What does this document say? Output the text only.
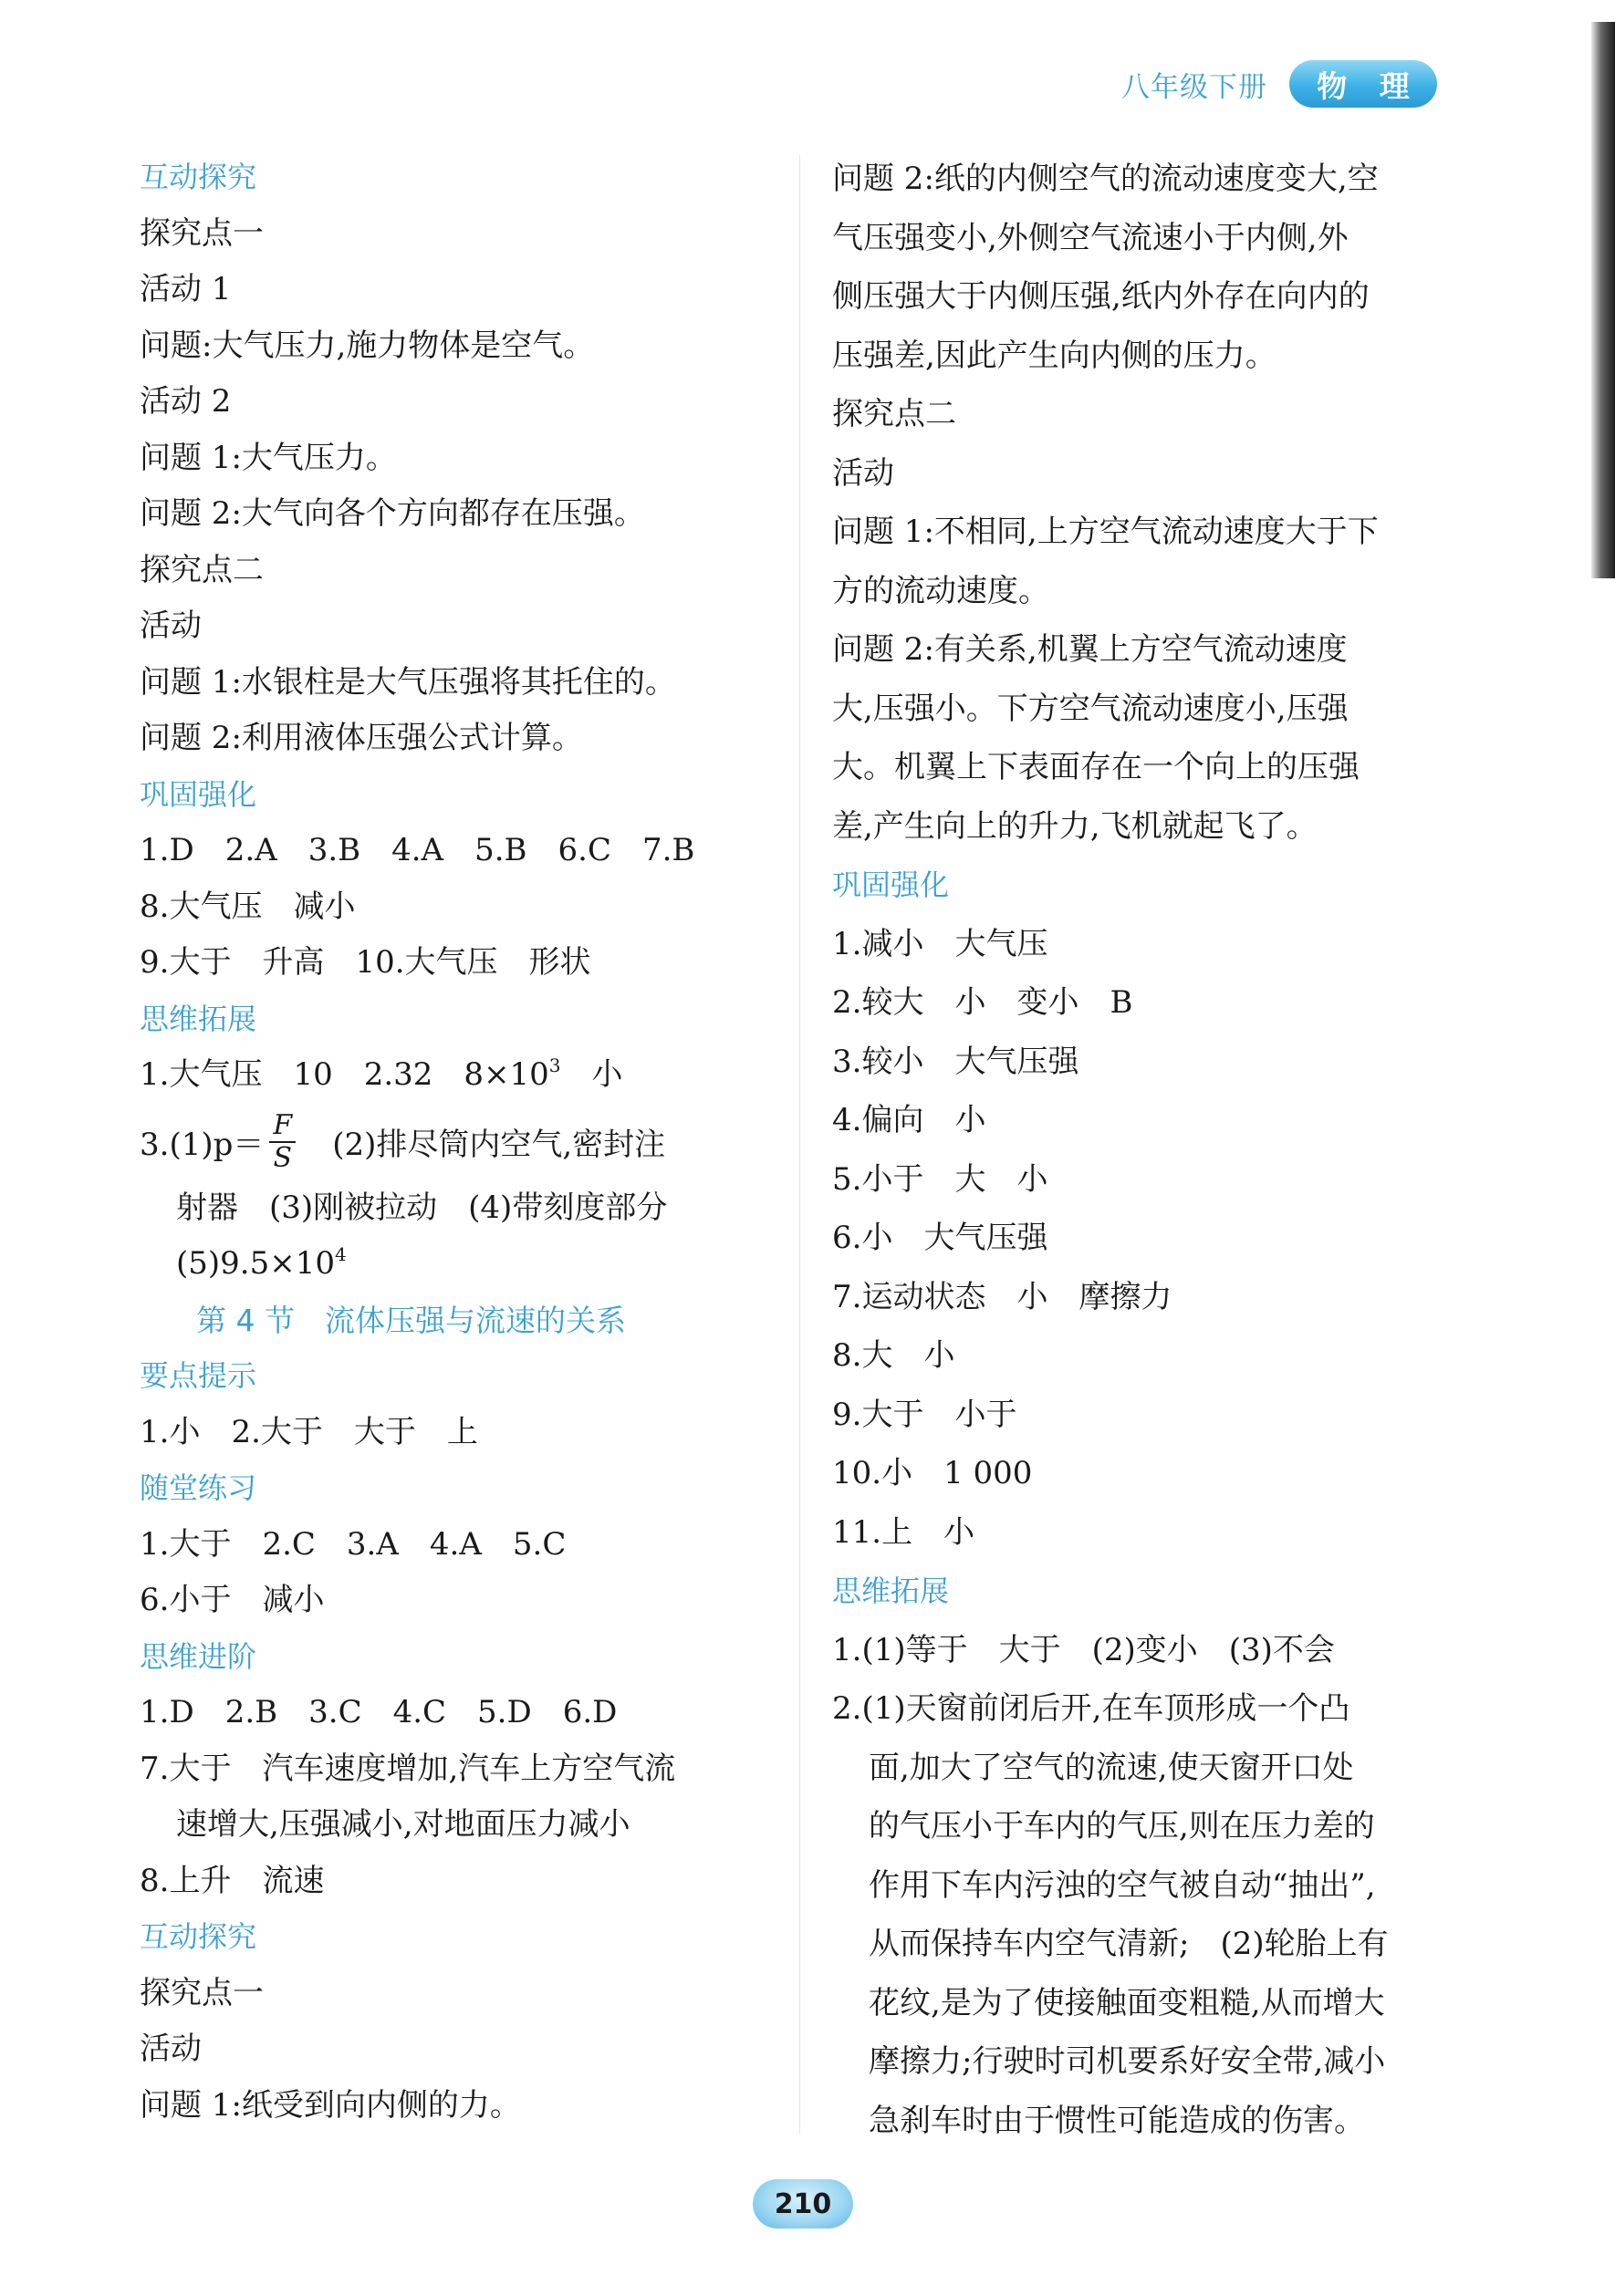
八年级下册	物 理
互动探究
探究点一
活动 1
问题:大气压力,施力物体是空气。
活动 2
问题 1:大气压力。
问题 2:大气向各个方向都存在压强。
探究点二
活动
问题 1:水银柱是大气压强将其托住的。
问题 2:利用液体压强公式计算。
巩固强化
1.D　2.A　3.B　4.A　5.B　6.C　7.B
8.大气压　减小
9.大于　升高　10.大气压　形状
思维拓展
1.大气压　10　2.32　$8\times 10^3$　小
$3.(1)p= \frac{F}{S}$ 　(2)排尽筒内空气,密封注
射器　(3)刚被拉动　(4)带刻度部分
$(5)9.5\times 10^4$
第 4 节　流体压强与流速的关系
要点提示
1.小　2.大于　大于　上
随堂练习
1.大于　2.C　3.A　4.A　5.C
6.小于　减小
思维进阶
1.D　2.B　3.C　4.C　5.D　6.D
7.大于　汽车速度增加,汽车上方空气流
速增大,压强减小,对地面压力减小
8.上升　流速
互动探究
探究点一
活动
问题 1:纸受到向内侧的力。
问题 2:纸的内侧空气的流动速度变大,空
气压强变小,外侧空气流速小于内侧,外
侧压强大于内侧压强,纸内外存在向内的
压强差,因此产生向内侧的压力。
探究点二
活动
问题 1:不相同,上方空气流动速度大于下
方的流动速度。
问题 2:有关系,机翼上方空气流动速度
大,压强小。下方空气流动速度小,压强
大。机翼上下表面存在一个向上的压强
差,产生向上的升力,飞机就起飞了。
巩固强化
1.减小　大气压
2.较大　小　变小　B
3.较小　大气压强
4.偏向　小
5.小于　大　小
6.小　大气压强
7.运动状态　小　摩擦力
8.大　小
9.大于　小于
10.小　1 000
11.上　小
思维拓展
1.(1)等于　大于　(2)变小　(3)不会
2.(1)天窗前闭后开,在车顶形成一个凸
面,加大了空气的流速,使天窗开口处
的气压小于车内的气压,则在压力差的
作用下车内污浊的空气被自动“抽出”,
从而保持车内空气清新;　(2)轮胎上有
花纹,是为了使接触面变粗糙,从而增大
摩擦力;行驶时司机要系好安全带,减小
急刹车时由于惯性可能造成的伤害。
210
